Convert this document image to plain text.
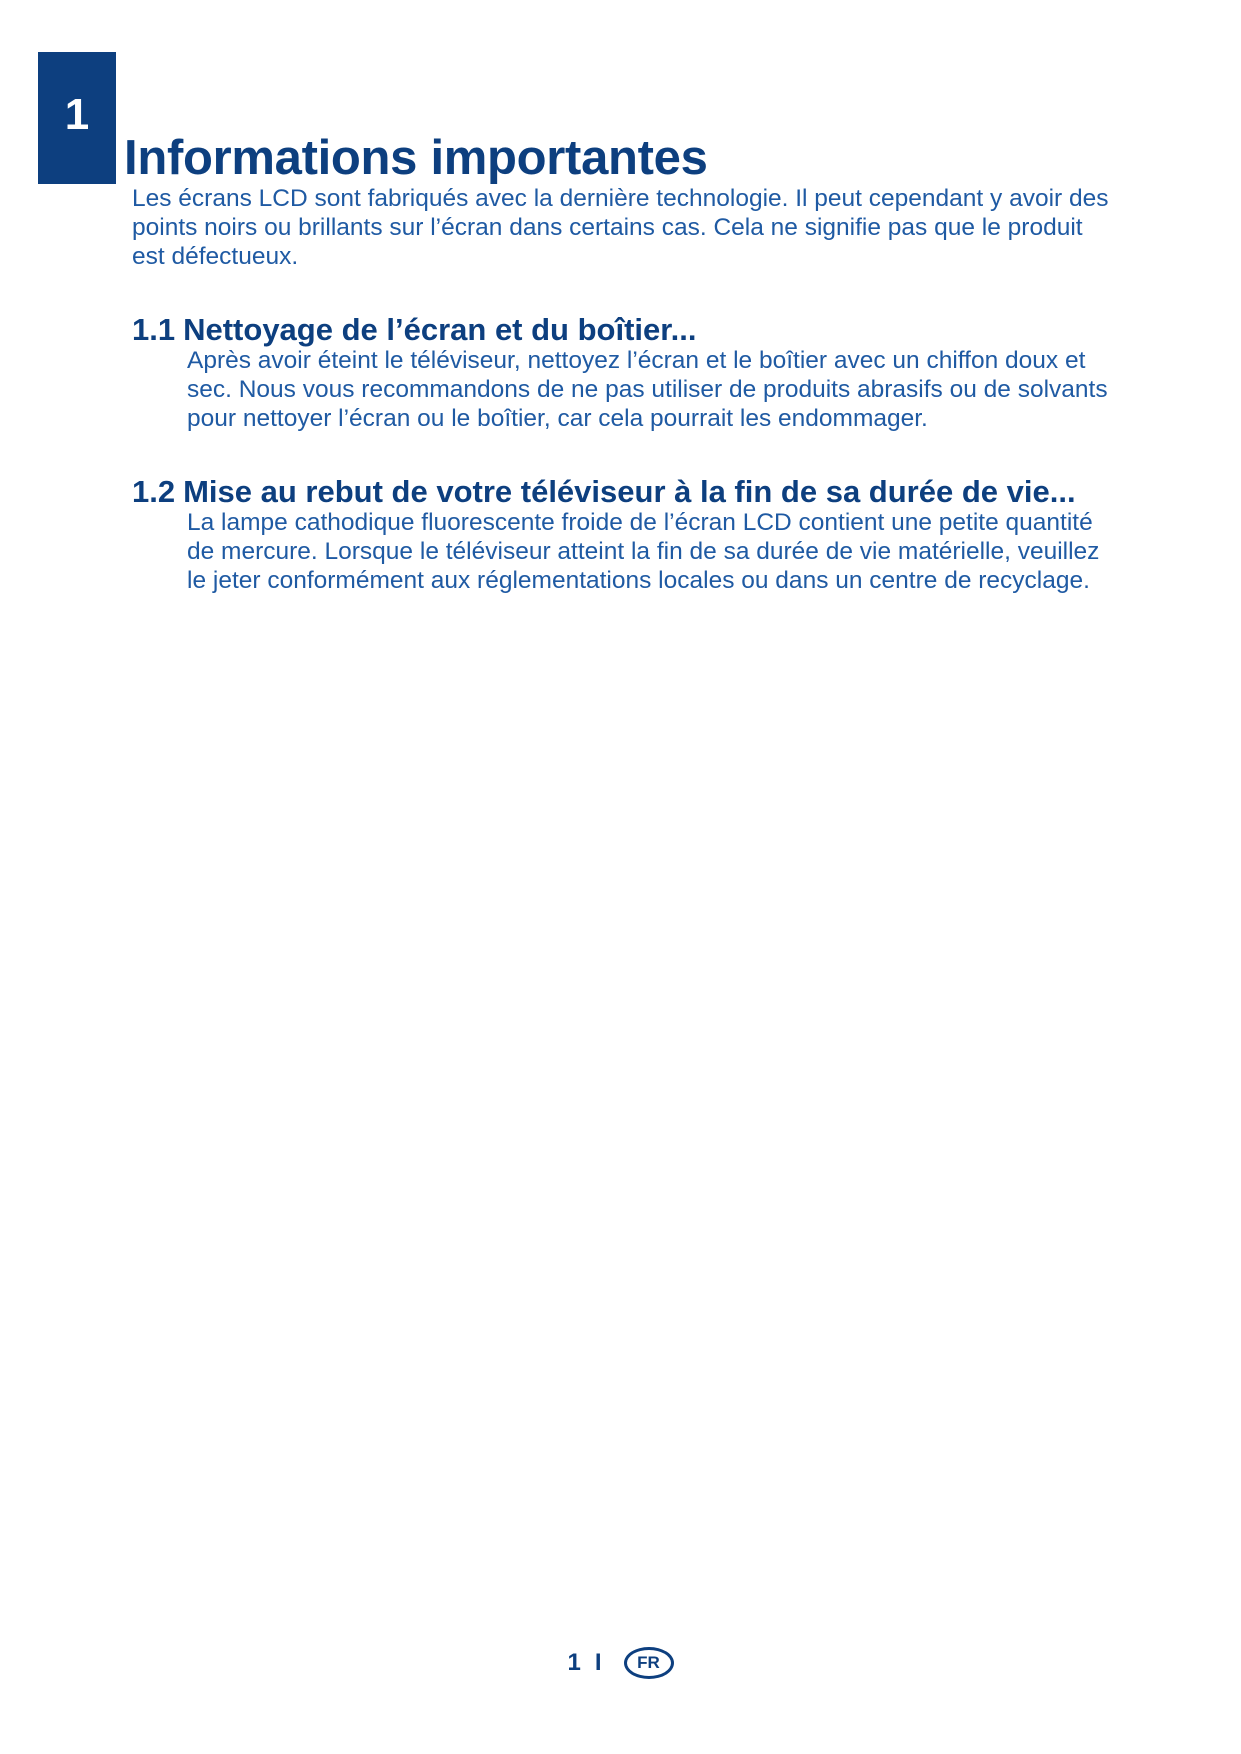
1
Informations importantes

Les écrans LCD sont fabriqués avec la dernière technologie. Il peut cependant y avoir des points noirs ou brillants sur l’écran dans certains cas. Cela ne signifie pas que le produit est défectueux.

1.1 Nettoyage de l’écran et du boîtier...

Après avoir éteint le téléviseur, nettoyez l’écran et le boîtier avec un chiffon doux et sec. Nous vous recommandons de ne pas utiliser de produits abrasifs ou de solvants pour nettoyer l’écran ou le boîtier, car cela pourrait les endommager.

1.2 Mise au rebut de votre téléviseur à la fin de sa durée de vie...

La lampe cathodique fluorescente froide de l’écran LCD contient une petite quantité de mercure. Lorsque le téléviseur atteint la fin de sa durée de vie matérielle, veuillez le jeter conformément aux réglementations locales ou dans un centre de recyclage.

1 I	FR
